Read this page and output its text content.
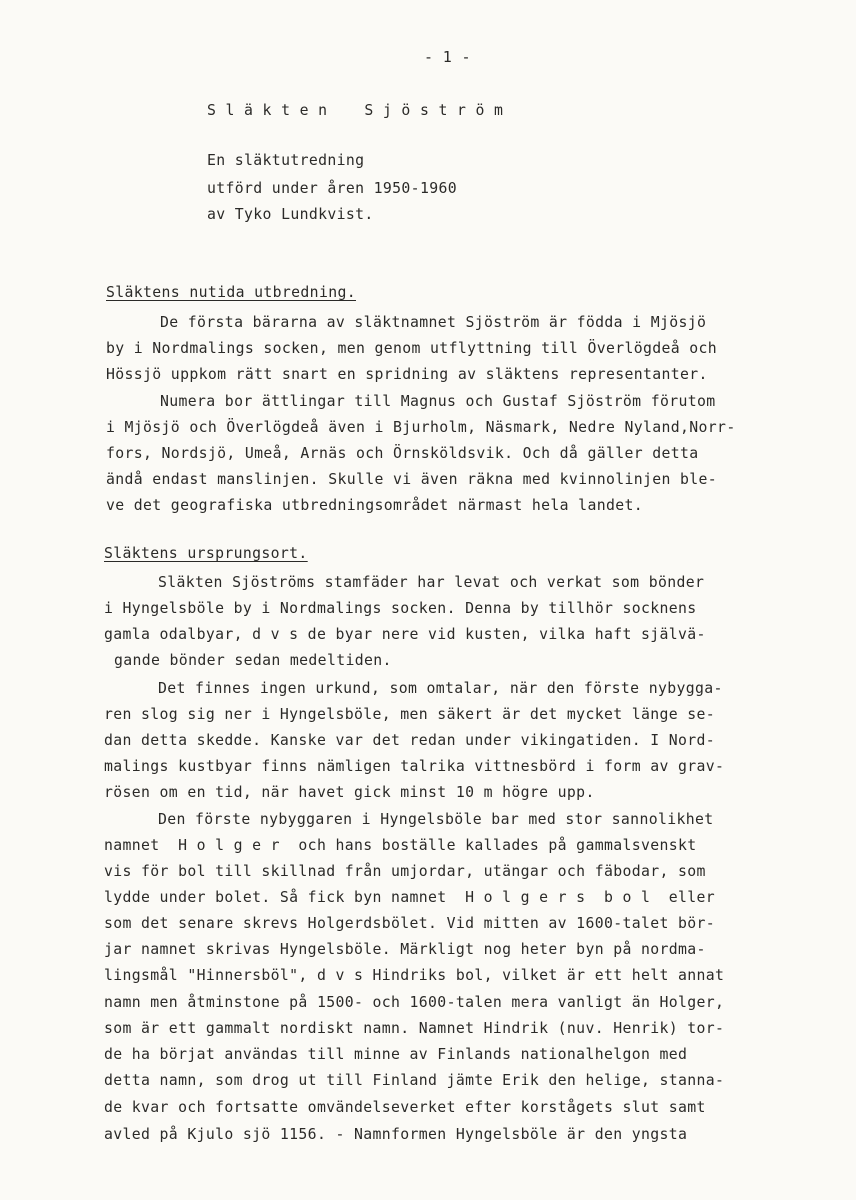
- 1 -
S l ä k t e n    S j ö s t r ö m
En släktutredning
utförd under åren 1950-1960
av Tyko Lundkvist.
Släktens nutida utbredning.
De första bärarna av släktnamnet Sjöström är födda i Mjösjö
by i Nordmalings socken, men genom utflyttning till Överlögdeå och
Hössjö uppkom rätt snart en spridning av släktens representanter.
Numera bor ättlingar till Magnus och Gustaf Sjöström förutom
i Mjösjö och Överlögdeå även i Bjurholm, Näsmark, Nedre Nyland,Norr-
fors, Nordsjö, Umeå, Arnäs och Örnsköldsvik. Och då gäller detta
ändå endast manslinjen. Skulle vi även räkna med kvinnolinjen ble-
ve det geografiska utbredningsområdet närmast hela landet.
Släktens ursprungsort.
Släkten Sjöströms stamfäder har levat och verkat som bönder
i Hyngelsböle by i Nordmalings socken. Denna by tillhör socknens
gamla odalbyar, d v s de byar nere vid kusten, vilka haft självä-
gande bönder sedan medeltiden.
Det finnes ingen urkund, som omtalar, när den förste nybygga-
ren slog sig ner i Hyngelsböle, men säkert är det mycket länge se-
dan detta skedde. Kanske var det redan under vikingatiden. I Nord-
malings kustbyar finns nämligen talrika vittnesbörd i form av grav-
rösen om en tid, när havet gick minst 10 m högre upp.
Den förste nybyggaren i Hyngelsböle bar med stor sannolikhet
namnet  H o l g e r  och hans boställe kallades på gammalsvenskt
vis för bol till skillnad från umjordar, utängar och fäbodar, som
lydde under bolet. Så fick byn namnet  H o l g e r s  b o l  eller
som det senare skrevs Holgerdsbölet. Vid mitten av 1600-talet bör-
jar namnet skrivas Hyngelsböle. Märkligt nog heter byn på nordma-
lingsmål "Hinnersböl", d v s Hindriks bol, vilket är ett helt annat
namn men åtminstone på 1500- och 1600-talen mera vanligt än Holger,
som är ett gammalt nordiskt namn. Namnet Hindrik (nuv. Henrik) tor-
de ha börjat användas till minne av Finlands nationalhelgon med
detta namn, som drog ut till Finland jämte Erik den helige, stanna-
de kvar och fortsatte omvändelseverket efter korstågets slut samt
avled på Kjulo sjö 1156. - Namnformen Hyngelsböle är den yngsta
